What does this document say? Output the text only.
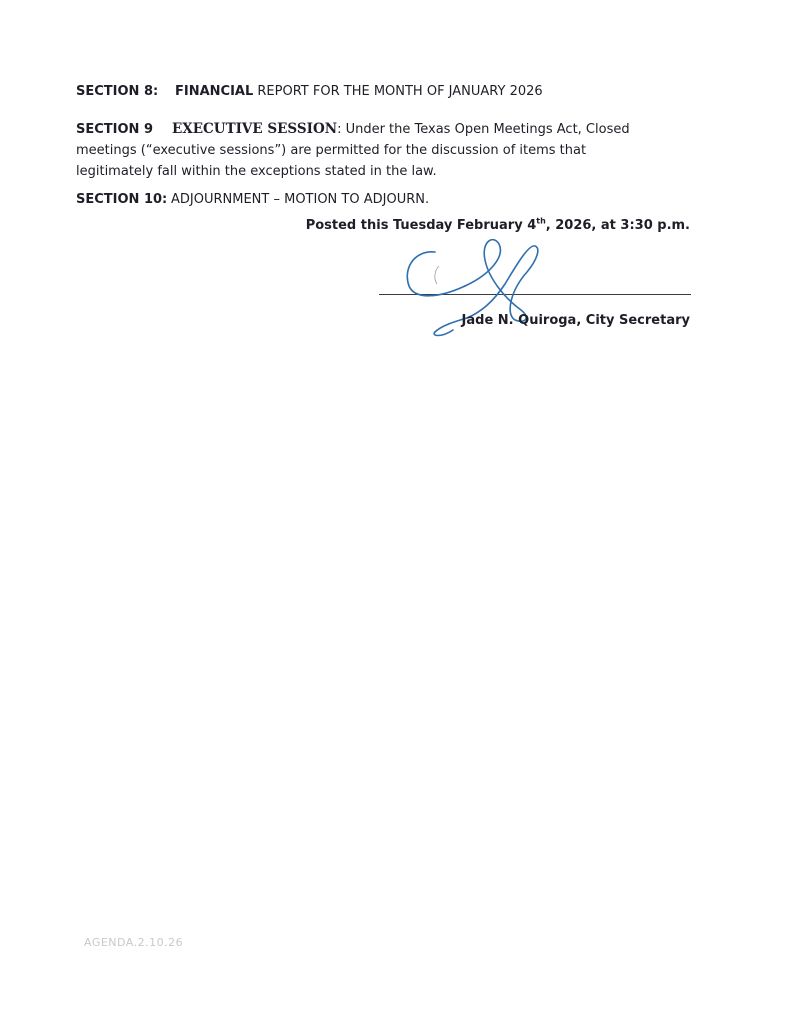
SECTION 8: FINANCIAL REPORT FOR THE MONTH OF JANUARY 2026
SECTION 9 EXECUTIVE SESSION: Under the Texas Open Meetings Act, Closed
meetings (“executive sessions”) are permitted for the discussion of items that
legitimately fall within the exceptions stated in the law.
SECTION 10: ADJOURNMENT – MOTION TO ADJOURN.
Posted this Tuesday February 4th, 2026, at 3:30 p.m.
Jade N. Quiroga, City Secretary
AGENDA.2.10.26
